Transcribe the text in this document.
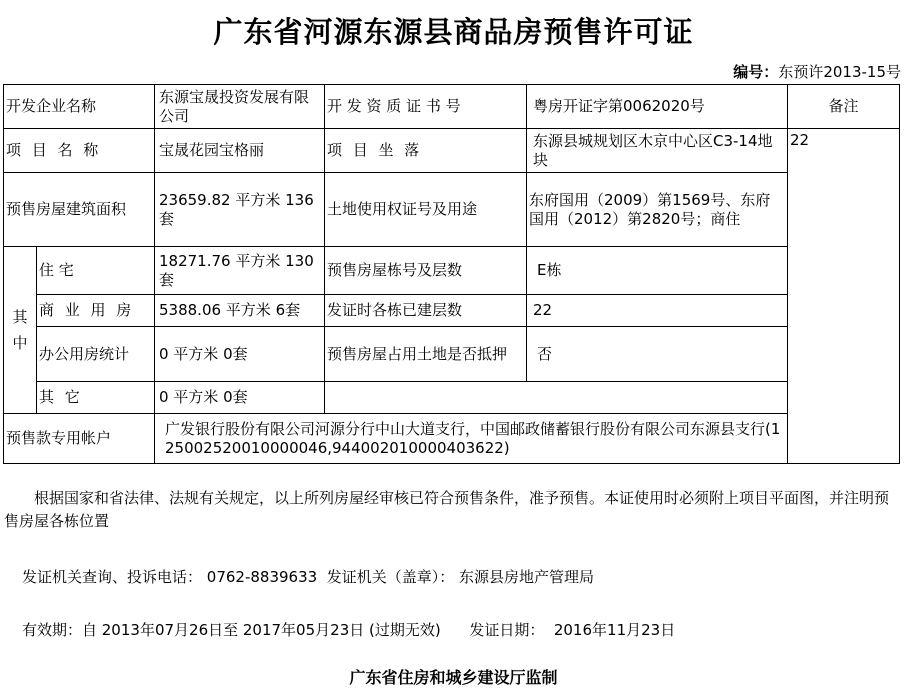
广东省河源东源县商品房预售许可证
编号：东预许2013-15号
开发企业名称		东源宝晟投资发展有限公司	开 发 资 质 证 书 号	粤房开证字第0062020号	备注
项 目 名 称		宝晟花园宝格丽	项 目 坐 落	东源县城规划区木京中心区C3-14地块	22
预售房屋建筑面积		23659.82 平方米 136套	土地使用权证号及用途	东府国用（2009）第1569号、东府国用（2012）第2820号；商住	
其中	住 宅	18271.76 平方米 130套	预售房屋栋号及层数	E栋	
	商 业 用 房	5388.06 平方米 6套	发证时各栋已建层数	22	
	办公用房统计	0 平方米 0套	预售房屋占用土地是否抵押	否	
	其 它	0 平方米 0套			
预售款专用帐户		广发银行股份有限公司河源分行中山大道支行，中国邮政储蓄银行股份有限公司东源县支行(125002520010000046,944002010000403622)			
根据国家和省法律、法规有关规定，以上所列房屋经审核已符合预售条件，准予预售。本证使用时必须附上项目平面图，并注明预售房屋各栋位置
发证机关查询、投诉电话： 0762-8839633  发证机关（盖章）： 东源县房地产管理局
有效期：自 2013年07月26日至 2017年05月23日 (过期无效)      发证日期：  2016年11月23日
广东省住房和城乡建设厅监制
